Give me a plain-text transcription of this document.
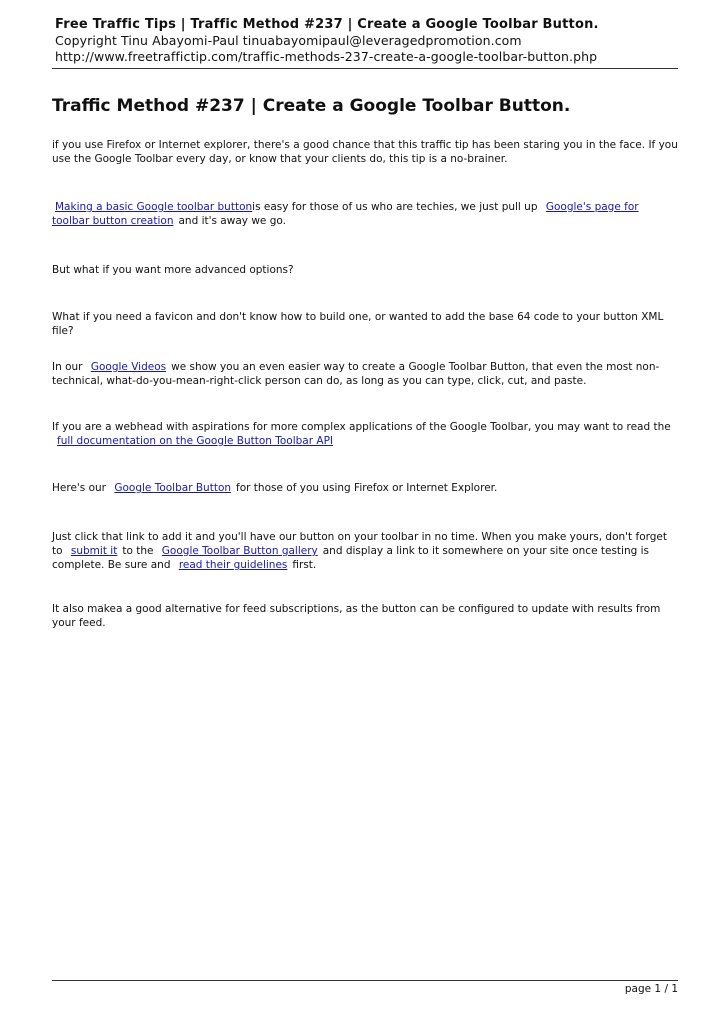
Free Traffic Tips | Traffic Method #237 | Create a Google Toolbar Button.
Copyright Tinu Abayomi-Paul tinuabayomipaul@leveragedpromotion.com
http://www.freetraffictip.com/traffic-methods-237-create-a-google-toolbar-button.php
Traffic Method #237 | Create a Google Toolbar Button.

if you use Firefox or Internet explorer, there's a good chance that this traffic tip has been staring you in the face. If you use the Google Toolbar every day, or know that your clients do, this tip is a no-brainer.

Making a basic Google toolbar buttonis easy for those of us who are techies, we just pull up Google's page for toolbar button creation and it's away we go.

But what if you want more advanced options?

What if you need a favicon and don't know how to build one, or wanted to add the base 64 code to your button XML file?

In our Google Videos we show you an even easier way to create a Google Toolbar Button, that even the most non-technical, what-do-you-mean-right-click person can do, as long as you can type, click, cut, and paste.

If you are a webhead with aspirations for more complex applications of the Google Toolbar, you may want to read the full documentation on the Google Button Toolbar API

Here's our Google Toolbar Button for those of you using Firefox or Internet Explorer.

Just click that link to add it and you'll have our button on your toolbar in no time. When you make yours, don't forget to submit it to the Google Toolbar Button gallery and display a link to it somewhere on your site once testing is complete. Be sure and read their guidelines first.

It also makea a good alternative for feed subscriptions, as the button can be configured to update with results from your feed.

page 1 / 1
